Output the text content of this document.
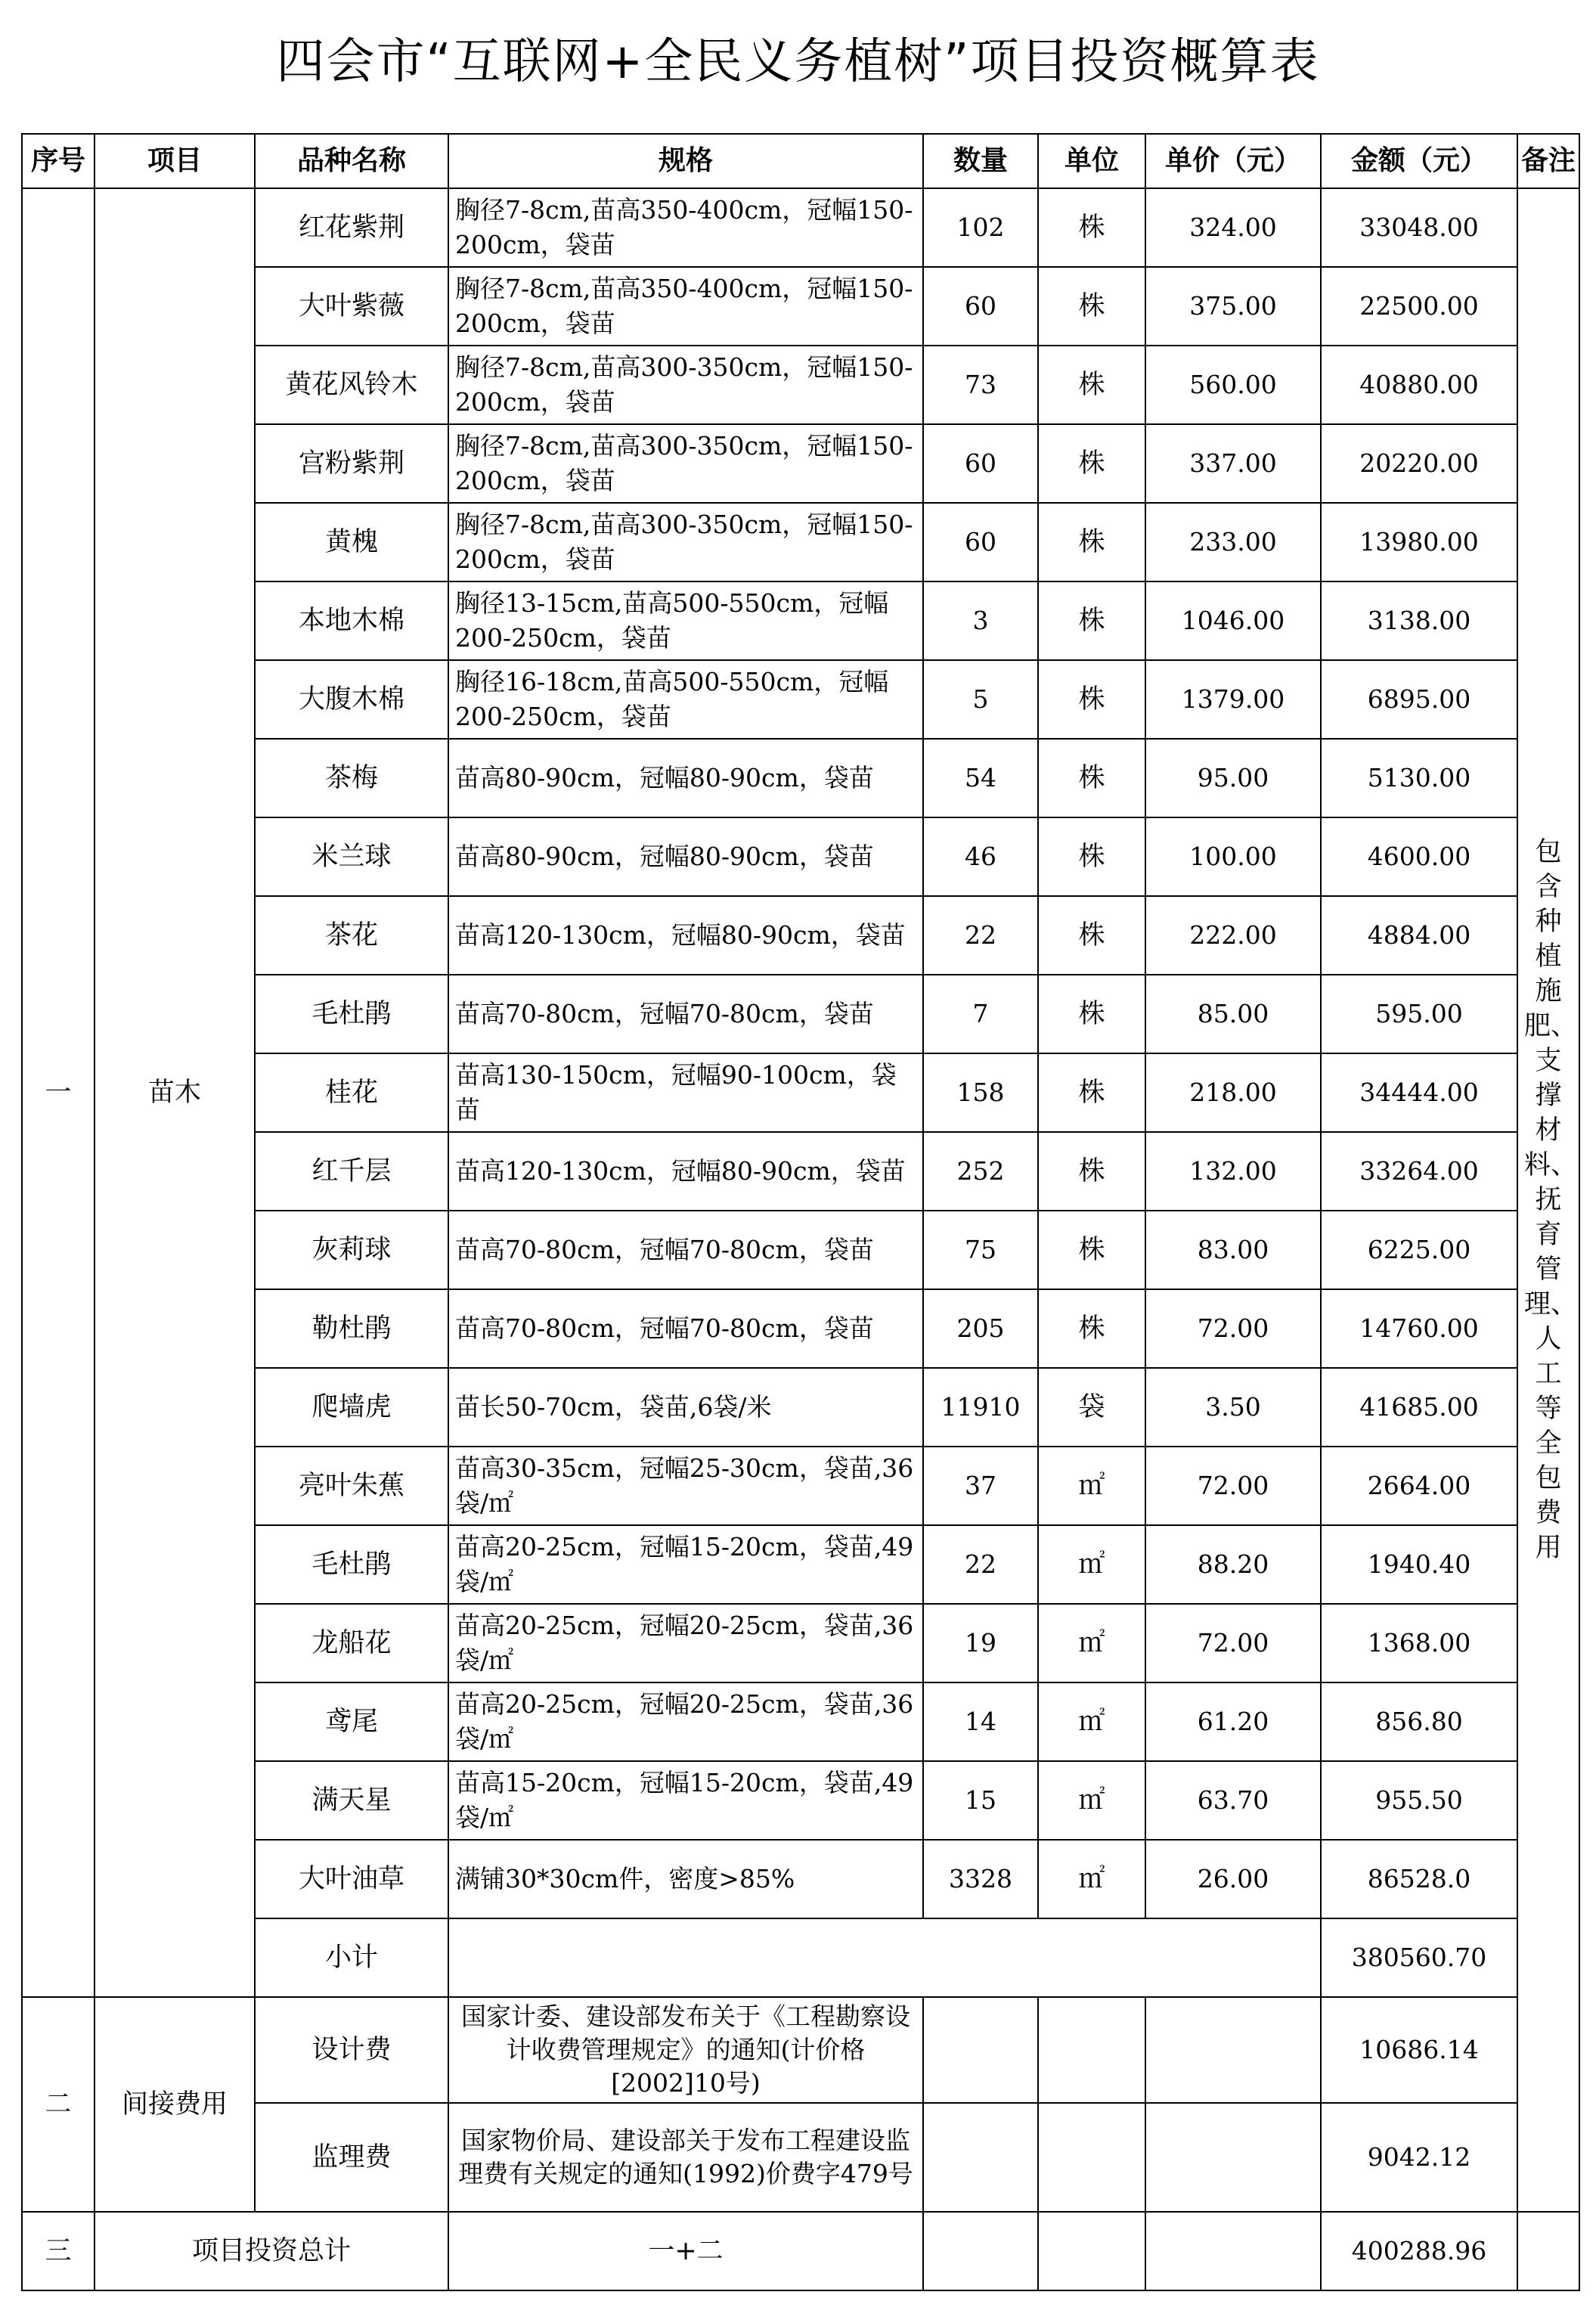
四会市“互联网+全民义务植树”项目投资概算表
序号	项目	品种名称	规格	数量	单位	单价（元）	金额（元）	备注
一	苗木	红花紫荆	胸径7-8cm,苗高350-400cm，冠幅150-200cm，袋苗	102	株	324.00	33048.00	包含种植施肥、支撑材料、抚育管理、人工等全包费用
		大叶紫薇	胸径7-8cm,苗高350-400cm，冠幅150-200cm，袋苗	60	株	375.00	22500.00	
		黄花风铃木	胸径7-8cm,苗高300-350cm，冠幅150-200cm，袋苗	73	株	560.00	40880.00	
		宫粉紫荆	胸径7-8cm,苗高300-350cm，冠幅150-200cm，袋苗	60	株	337.00	20220.00	
		黄槐	胸径7-8cm,苗高300-350cm，冠幅150-200cm，袋苗	60	株	233.00	13980.00	
		本地木棉	胸径13-15cm,苗高500-550cm，冠幅200-250cm，袋苗	3	株	1046.00	3138.00	
		大腹木棉	胸径16-18cm,苗高500-550cm，冠幅200-250cm，袋苗	5	株	1379.00	6895.00	
		茶梅	苗高80-90cm，冠幅80-90cm，袋苗	54	株	95.00	5130.00	
		米兰球	苗高80-90cm，冠幅80-90cm，袋苗	46	株	100.00	4600.00	
		茶花	苗高120-130cm，冠幅80-90cm，袋苗	22	株	222.00	4884.00	
		毛杜鹃	苗高70-80cm，冠幅70-80cm，袋苗	7	株	85.00	595.00	
		桂花	苗高130-150cm，冠幅90-100cm，袋苗	158	株	218.00	34444.00	
		红千层	苗高120-130cm，冠幅80-90cm，袋苗	252	株	132.00	33264.00	
		灰莉球	苗高70-80cm，冠幅70-80cm，袋苗	75	株	83.00	6225.00	
		勒杜鹃	苗高70-80cm，冠幅70-80cm，袋苗	205	株	72.00	14760.00	
		爬墙虎	苗长50-70cm，袋苗,6袋/米	11910	袋	3.50	41685.00	
		亮叶朱蕉	苗高30-35cm，冠幅25-30cm，袋苗,36袋/㎡	37	㎡	72.00	2664.00	
		毛杜鹃	苗高20-25cm，冠幅15-20cm，袋苗,49袋/㎡	22	㎡	88.20	1940.40	
		龙船花	苗高20-25cm，冠幅20-25cm，袋苗,36袋/㎡	19	㎡	72.00	1368.00	
		鸢尾	苗高20-25cm，冠幅20-25cm，袋苗,36袋/㎡	14	㎡	61.20	856.80	
		满天星	苗高15-20cm，冠幅15-20cm，袋苗,49袋/㎡	15	㎡	63.70	955.50	
		大叶油草	满铺30*30cm件，密度>85%	3328	㎡	26.00	86528.0	
		小计					380560.70	
二	间接费用	设计费	国家计委、建设部发布关于《工程勘察设计收费管理规定》的通知(计价格[2002]10号)				10686.14	
		监理费	国家物价局、建设部关于发布工程建设监理费有关规定的通知(1992)价费字479号				9042.12	
三	项目投资总计		一+二				400288.96	
